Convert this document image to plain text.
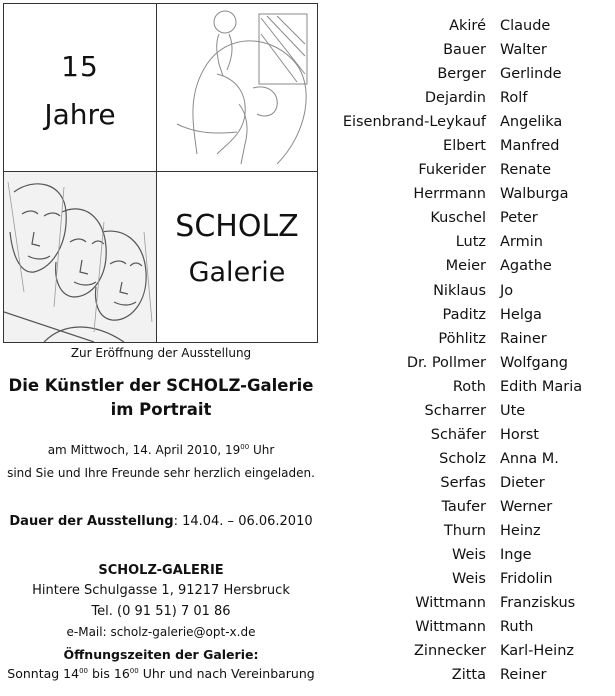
15
Jahre
SCHOLZ
Galerie
Zur Eröffnung der Ausstellung
Die Künstler der SCHOLZ-Galerie
im Portrait
am Mittwoch, 14. April 2010, $19^{00}$ Uhr
sind Sie und Ihre Freunde sehr herzlich eingeladen.
Dauer der Ausstellung: 14.04. – 06.06.2010
SCHOLZ-GALERIE
Hintere Schulgasse 1, 91217 Hersbruck
Tel. (0 91 51) 7 01 86
e-Mail: scholz-galerie@opt-x.de
Öffnungszeiten der Galerie:
Sonntag $14^{00}$ bis $16^{00}$ Uhr und nach Vereinbarung
Akiré Claude
Bauer Walter
Berger Gerlinde
Dejardin Rolf
Eisenbrand-Leykauf Angelika
Elbert Manfred
Fukerider Renate
Herrmann Walburga
Kuschel Peter
Lutz Armin
Meier Agathe
Niklaus Jo
Paditz Helga
Pöhlitz Rainer
Dr. Pollmer Wolfgang
Roth Edith Maria
Scharrer Ute
Schäfer Horst
Scholz Anna M.
Serfas Dieter
Taufer Werner
Thurn Heinz
Weis Inge
Weis Fridolin
Wittmann Franziskus
Wittmann Ruth
Zinnecker Karl-Heinz
Zitta Reiner
